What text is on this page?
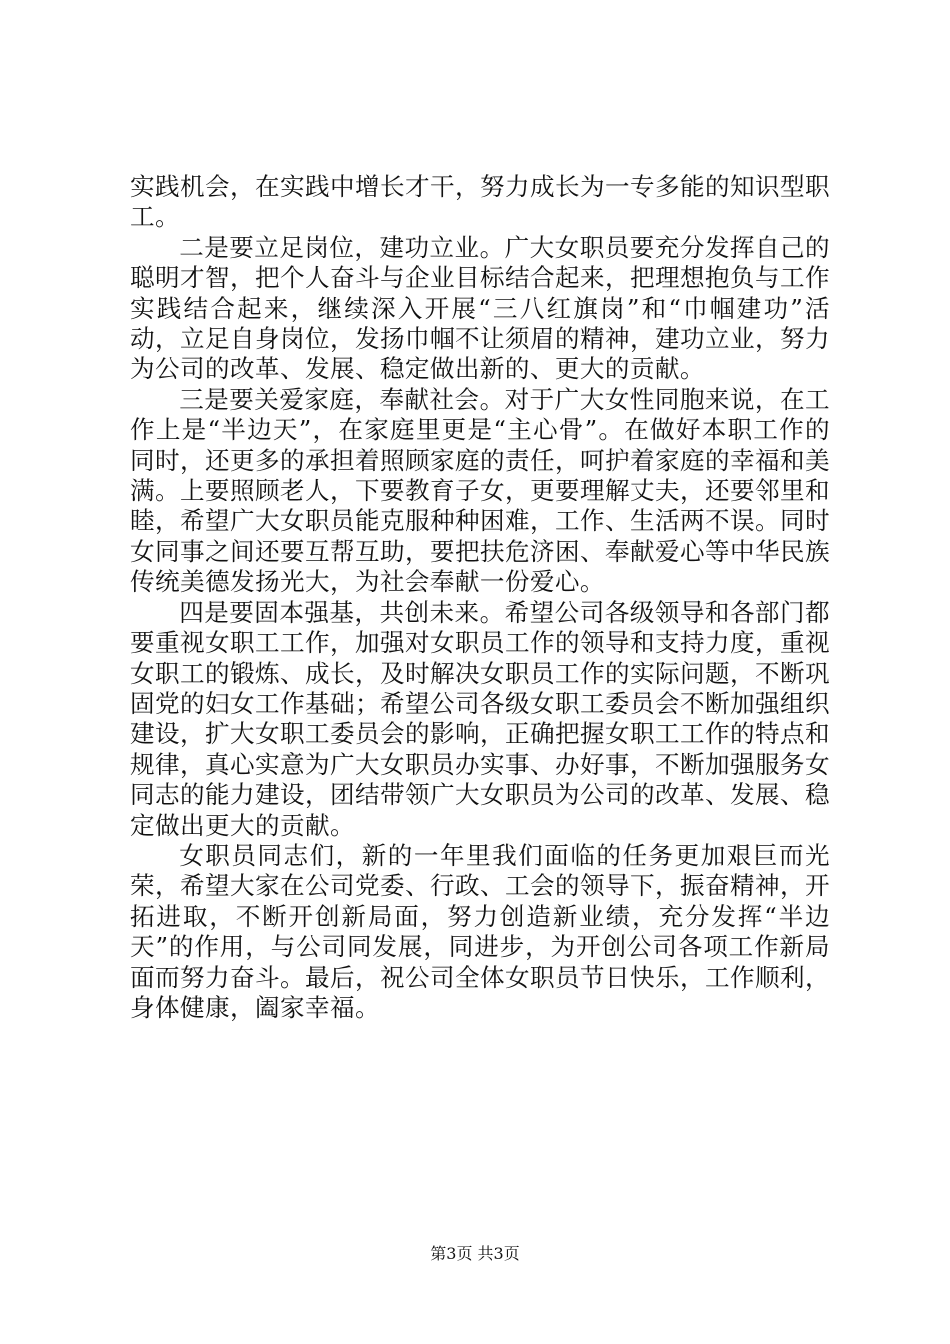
实践机会，在实践中增长才干，努力成长为一专多能的知识型职工。

二是要立足岗位，建功立业。广大女职员要充分发挥自己的聪明才智，把个人奋斗与企业目标结合起来，把理想抱负与工作实践结合起来，继续深入开展“三八红旗岗”和“巾帼建功”活动，立足自身岗位，发扬巾帼不让须眉的精神，建功立业，努力为公司的改革、发展、稳定做出新的、更大的贡献。

三是要关爱家庭，奉献社会。对于广大女性同胞来说，在工作上是“半边天”，在家庭里更是“主心骨”。在做好本职工作的同时，还更多的承担着照顾家庭的责任，呵护着家庭的幸福和美满。上要照顾老人，下要教育子女，更要理解丈夫，还要邻里和睦，希望广大女职员能克服种种困难，工作、生活两不误。同时女同事之间还要互帮互助，要把扶危济困、奉献爱心等中华民族传统美德发扬光大，为社会奉献一份爱心。

四是要固本强基，共创未来。希望公司各级领导和各部门都要重视女职工工作，加强对女职员工作的领导和支持力度，重视女职工的锻炼、成长，及时解决女职员工作的实际问题，不断巩固党的妇女工作基础；希望公司各级女职工委员会不断加强组织建设，扩大女职工委员会的影响，正确把握女职工工作的特点和规律，真心实意为广大女职员办实事、办好事，不断加强服务女同志的能力建设，团结带领广大女职员为公司的改革、发展、稳定做出更大的贡献。

女职员同志们，新的一年里我们面临的任务更加艰巨而光荣，希望大家在公司党委、行政、工会的领导下，振奋精神，开拓进取，不断开创新局面，努力创造新业绩，充分发挥“半边天”的作用，与公司同发展，同进步，为开创公司各项工作新局面而努力奋斗。最后，祝公司全体女职员节日快乐，工作顺利，身体健康，阖家幸福。

第3页 共3页
